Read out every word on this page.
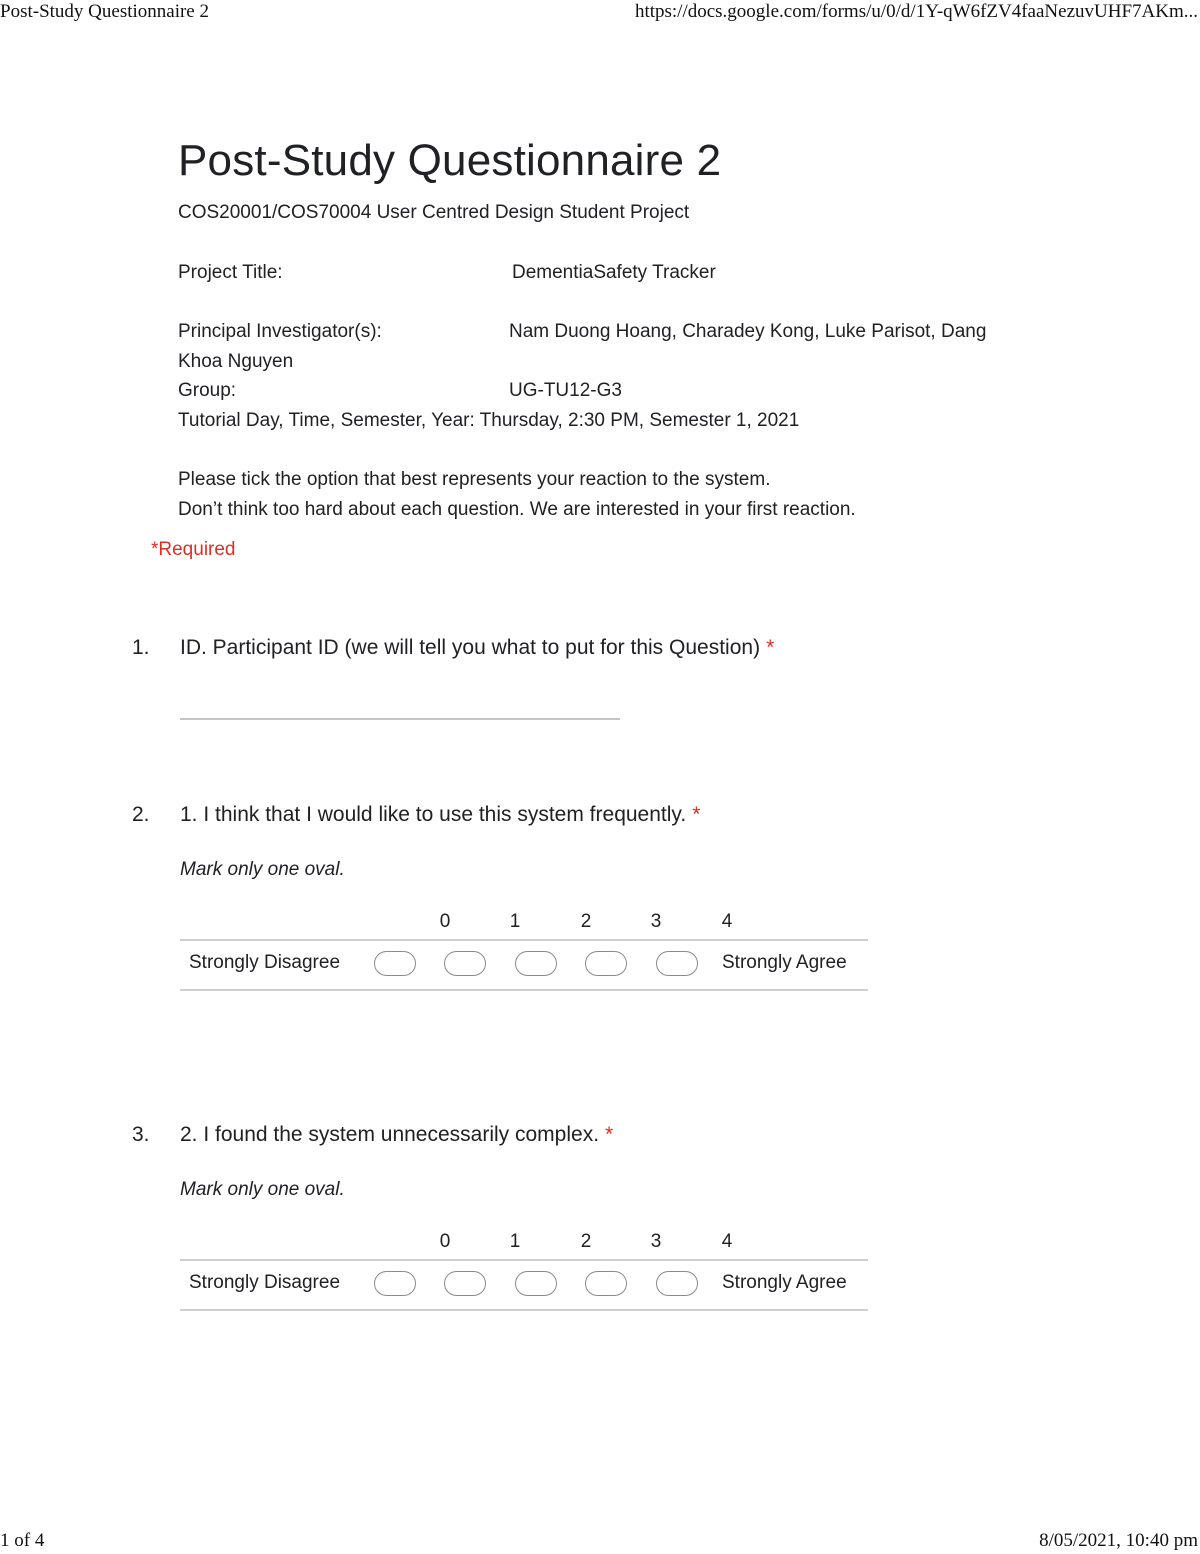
Post-Study Questionnaire 2	https://docs.google.com/forms/u/0/d/1Y-qW6fZV4faaNezuvUHF7AKm...
Post-Study Questionnaire 2
COS20001/COS70004 User Centred Design Student Project
Project Title:	DementiaSafety Tracker
Principal Investigator(s):	Nam Duong Hoang, Charadey Kong, Luke Parisot, Dang
Khoa Nguyen
Group:	UG-TU12-G3
Tutorial Day, Time, Semester, Year: Thursday, 2:30 PM, Semester 1, 2021
Please tick the option that best represents your reaction to the system.
Don’t think too hard about each question. We are interested in your first reaction.
*Required
1. ID. Participant ID (we will tell you what to put for this Question) *
2. 1. I think that I would like to use this system frequently. *
Mark only one oval.
0	1	2	3	4
Strongly Disagree	Strongly Agree
3. 2. I found the system unnecessarily complex. *
Mark only one oval.
0	1	2	3	4
Strongly Disagree	Strongly Agree
1 of 4	8/05/2021, 10:40 pm
